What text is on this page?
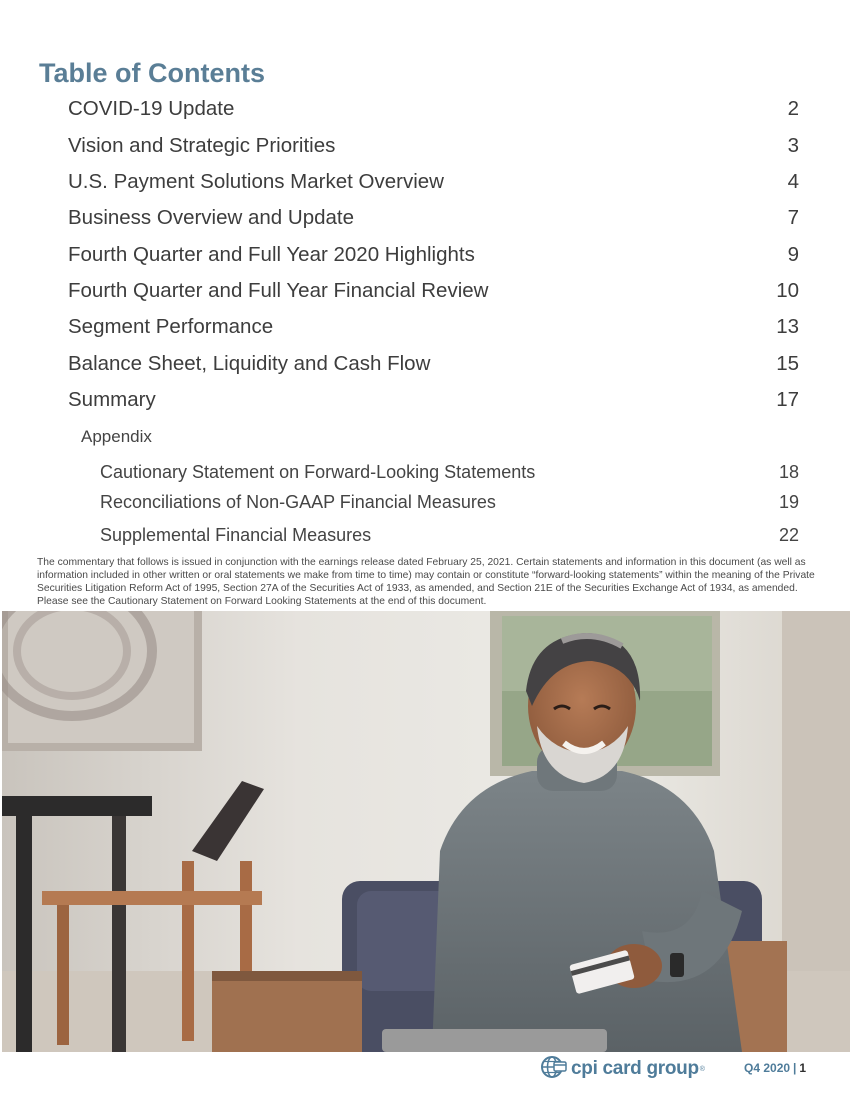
Table of Contents
COVID-19 Update	2
Vision and Strategic Priorities	3
U.S. Payment Solutions Market Overview	4
Business Overview and Update	7
Fourth Quarter and Full Year 2020 Highlights	9
Fourth Quarter and Full Year Financial Review	10
Segment Performance	13
Balance Sheet, Liquidity and Cash Flow	15
Summary	17
Appendix
Cautionary Statement on Forward-Looking Statements	18
Reconciliations of Non-GAAP Financial Measures	19
Supplemental Financial Measures	22

The commentary that follows is issued in conjunction with the earnings release dated February 25, 2021. Certain statements and information in this document (as well as information included in other written or oral statements we make from time to time) may contain or constitute “forward-looking statements” within the meaning of the Private Securities Litigation Reform Act of 1995, Section 27A of the Securities Act of 1933, as amended, and Section 21E of the Securities Exchange Act of 1934, as amended. Please see the Cautionary Statement on Forward Looking Statements at the end of this document.

cpi card group ®	Q4 2020 | 1
